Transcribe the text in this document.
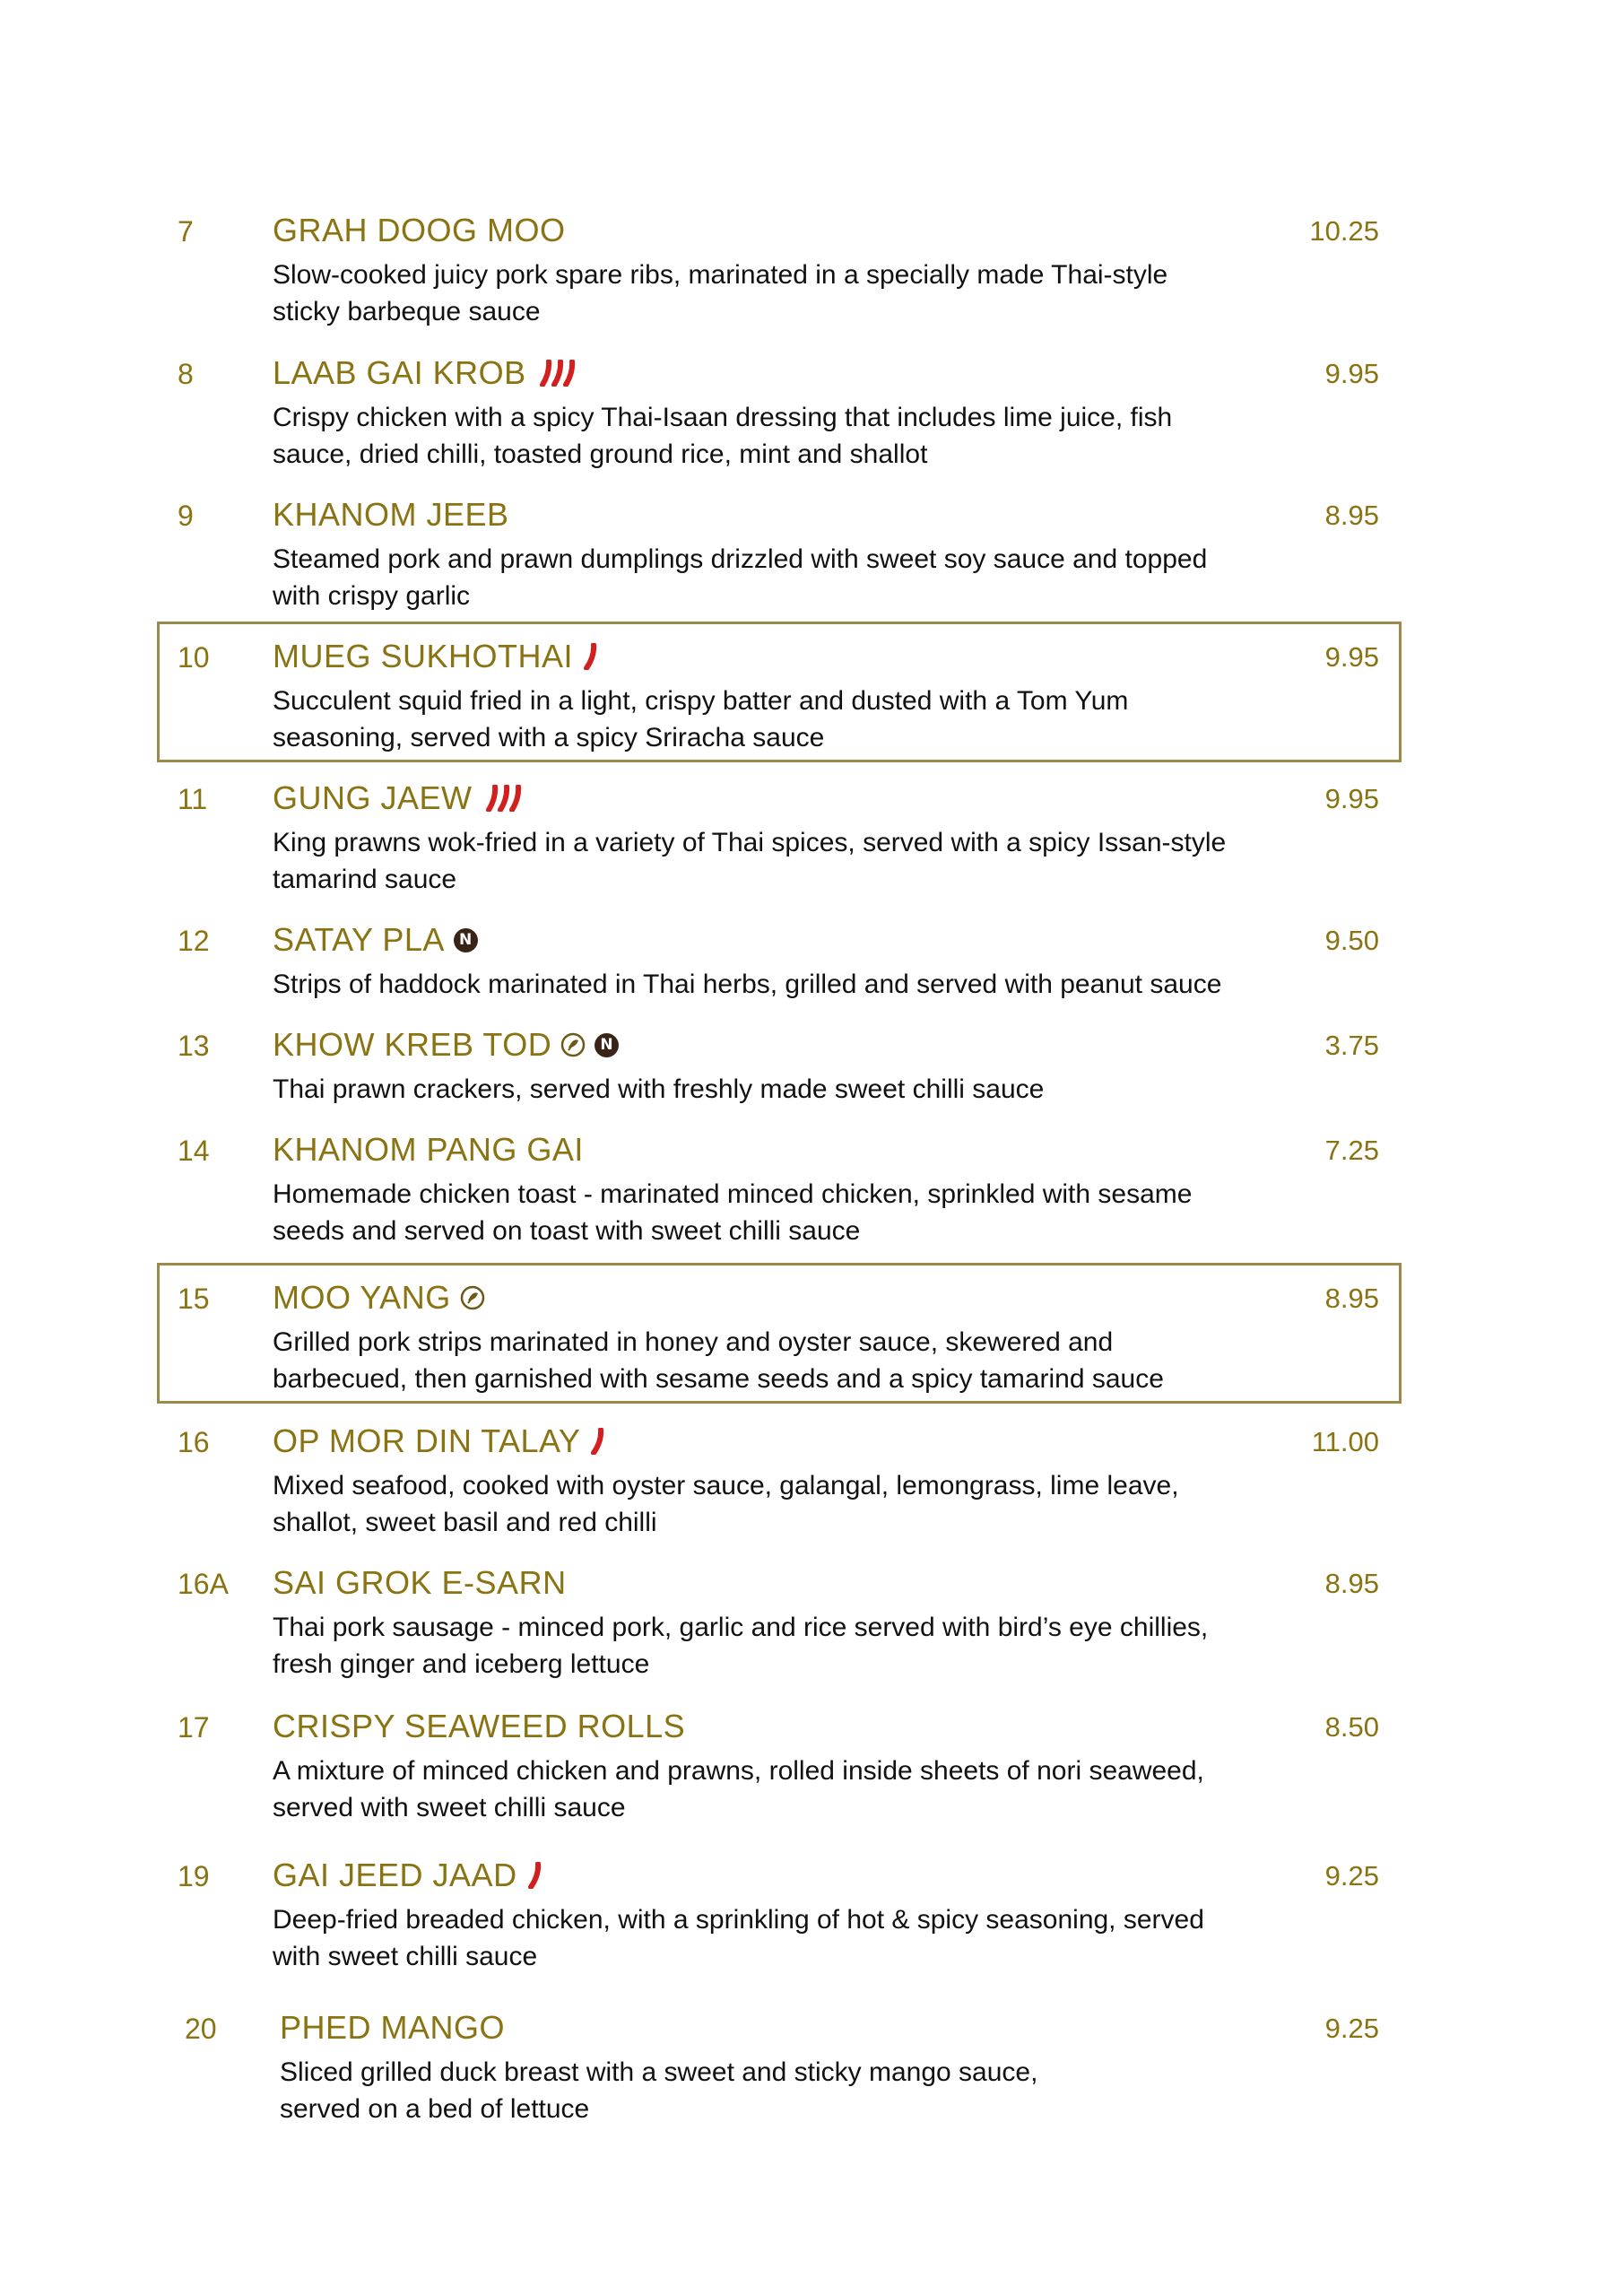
7 GRAH DOOG MOO	10.25
Slow-cooked juicy pork spare ribs, marinated in a specially made Thai-style
sticky barbeque sauce
8 LAAB GAI KROB	9.95
Crispy chicken with a spicy Thai-Isaan dressing that includes lime juice, fish
sauce, dried chilli, toasted ground rice, mint and shallot
9 KHANOM JEEB	8.95
Steamed pork and prawn dumplings drizzled with sweet soy sauce and topped
with crispy garlic
10 MUEG SUKHOTHAI	9.95
Succulent squid fried in a light, crispy batter and dusted with a Tom Yum
seasoning, served with a spicy Sriracha sauce
11 GUNG JAEW	9.95
King prawns wok-fried in a variety of Thai spices, served with a spicy Issan-style
tamarind sauce
12 SATAY PLA N	9.50
Strips of haddock marinated in Thai herbs, grilled and served with peanut sauce
13 KHOW KREB TOD	N	3.75
Thai prawn crackers, served with freshly made sweet chilli sauce
14 KHANOM PANG GAI	7.25
Homemade chicken toast - marinated minced chicken, sprinkled with sesame
seeds and served on toast with sweet chilli sauce
15 MOO YANG	8.95
Grilled pork strips marinated in honey and oyster sauce, skewered and
barbecued, then garnished with sesame seeds and a spicy tamarind sauce
16 OP MOR DIN TALAY	11.00
Mixed seafood, cooked with oyster sauce, galangal, lemongrass, lime leave,
shallot, sweet basil and red chilli
16A SAI GROK E-SARN	8.95
Thai pork sausage - minced pork, garlic and rice served with bird’s eye chillies,
fresh ginger and iceberg lettuce
17 CRISPY SEAWEED ROLLS	8.50
A mixture of minced chicken and prawns, rolled inside sheets of nori seaweed,
served with sweet chilli sauce
19 GAI JEED JAAD	9.25
Deep-fried breaded chicken, with a sprinkling of hot & spicy seasoning, served
with sweet chilli sauce
20 PHED MANGO	9.25
Sliced grilled duck breast with a sweet and sticky mango sauce,
served on a bed of lettuce
